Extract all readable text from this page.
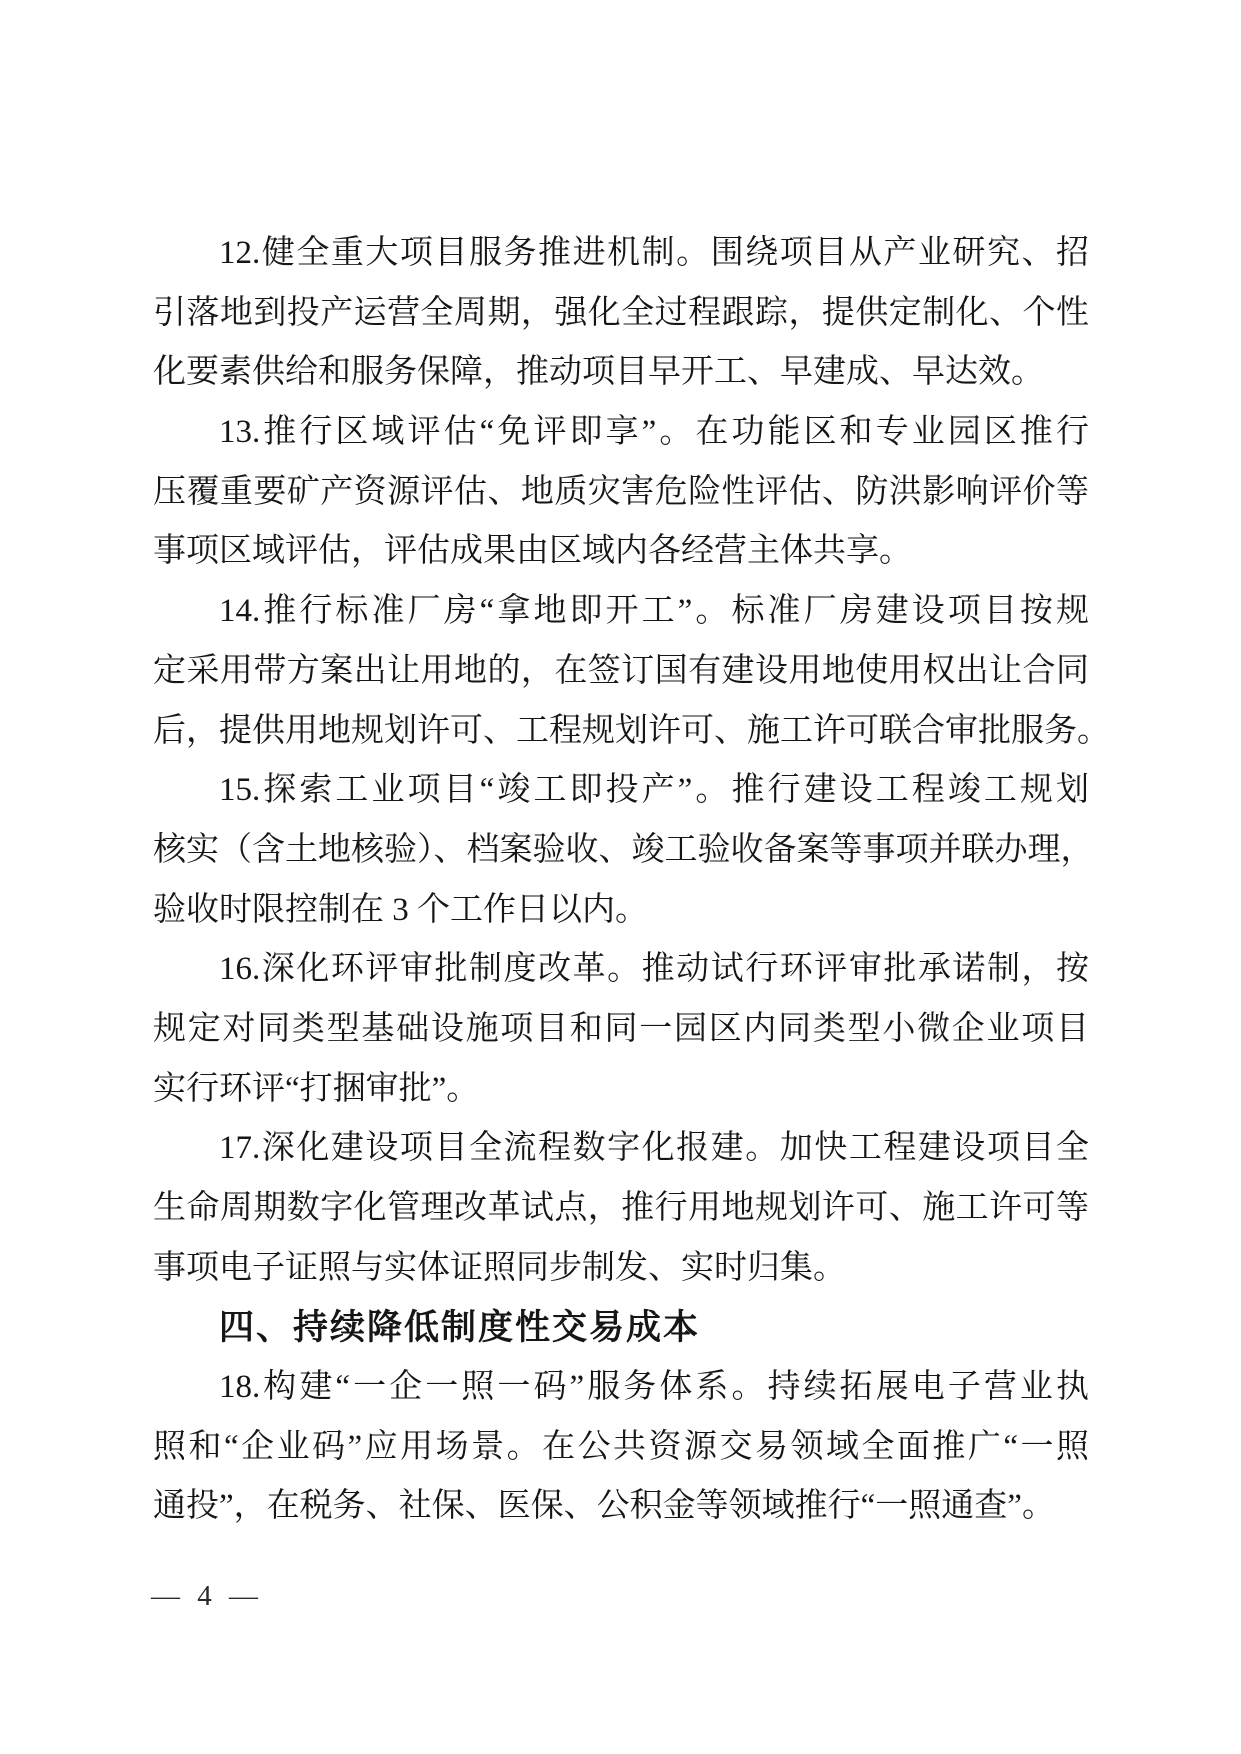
12.健全重大项目服务推进机制。围绕项目从产业研究、招
引落地到投产运营全周期，强化全过程跟踪，提供定制化、个性
化要素供给和服务保障，推动项目早开工、早建成、早达效。
13.推行区域评估“免评即享”。在功能区和专业园区推行
压覆重要矿产资源评估、地质灾害危险性评估、防洪影响评价等
事项区域评估，评估成果由区域内各经营主体共享。
14.推行标准厂房“拿地即开工”。标准厂房建设项目按规
定采用带方案出让用地的，在签订国有建设用地使用权出让合同
后，提供用地规划许可、工程规划许可、施工许可联合审批服务。
15.探索工业项目“竣工即投产”。推行建设工程竣工规划
核实（含土地核验）、档案验收、竣工验收备案等事项并联办理，
验收时限控制在 3 个工作日以内。
16.深化环评审批制度改革。推动试行环评审批承诺制，按
规定对同类型基础设施项目和同一园区内同类型小微企业项目
实行环评“打捆审批”。
17.深化建设项目全流程数字化报建。加快工程建设项目全
生命周期数字化管理改革试点，推行用地规划许可、施工许可等
事项电子证照与实体证照同步制发、实时归集。
四、持续降低制度性交易成本
18.构建“一企一照一码”服务体系。持续拓展电子营业执
照和“企业码”应用场景。在公共资源交易领域全面推广“一照
通投”，在税务、社保、医保、公积金等领域推行“一照通查”。
— 4 —
